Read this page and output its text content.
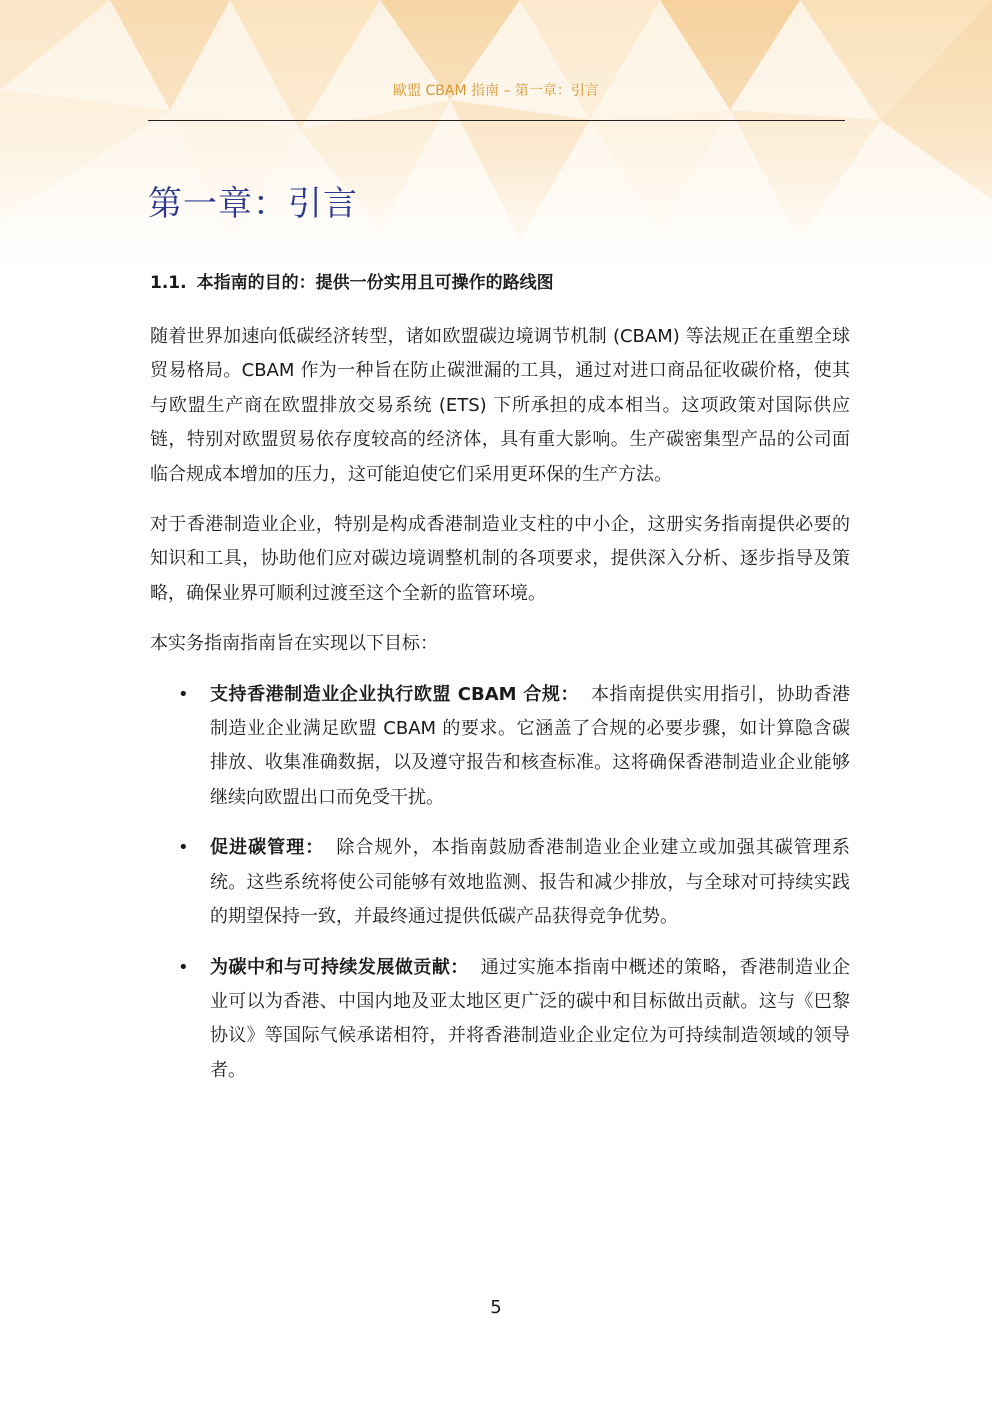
歐盟 CBAM 指南 – 第一章：引言
第一章：引言
1.1. 本指南的目的：提供一份实用且可操作的路线图

随着世界加速向低碳经济转型，诸如欧盟碳边境调节机制 (CBAM) 等法规正在重塑全球贸易格局。CBAM 作为一种旨在防止碳泄漏的工具，通过对进口商品征收碳价格，使其与欧盟生产商在欧盟排放交易系统 (ETS) 下所承担的成本相当。这项政策对国际供应链，特别对欧盟贸易依存度较高的经济体，具有重大影响。生产碳密集型产品的公司面临合规成本增加的压力，这可能迫使它们采用更环保的生产方法。

对于香港制造业企业，特别是构成香港制造业支柱的中小企，这册实务指南提供必要的知识和工具，协助他们应对碳边境调整机制的各项要求，提供深入分析、逐步指导及策略，确保业界可顺利过渡至这个全新的监管环境。

本实务指南指南旨在实现以下目标：

• 支持香港制造业企业执行欧盟 CBAM 合规： 本指南提供实用指引，协助香港制造业企业满足欧盟 CBAM 的要求。它涵盖了合规的必要步骤，如计算隐含碳排放、收集准确数据，以及遵守报告和核查标准。这将确保香港制造业企业能够继续向欧盟出口而免受干扰。
• 促进碳管理： 除合规外，本指南鼓励香港制造业企业建立或加强其碳管理系统。这些系统将使公司能够有效地监测、报告和减少排放，与全球对可持续实践的期望保持一致，并最终通过提供低碳产品获得竞争优势。
• 为碳中和与可持续发展做贡献： 通过实施本指南中概述的策略，香港制造业企业可以为香港、中国内地及亚太地区更广泛的碳中和目标做出贡献。这与《巴黎协议》等国际气候承诺相符，并将香港制造业企业定位为可持续制造领域的领导者。
5
